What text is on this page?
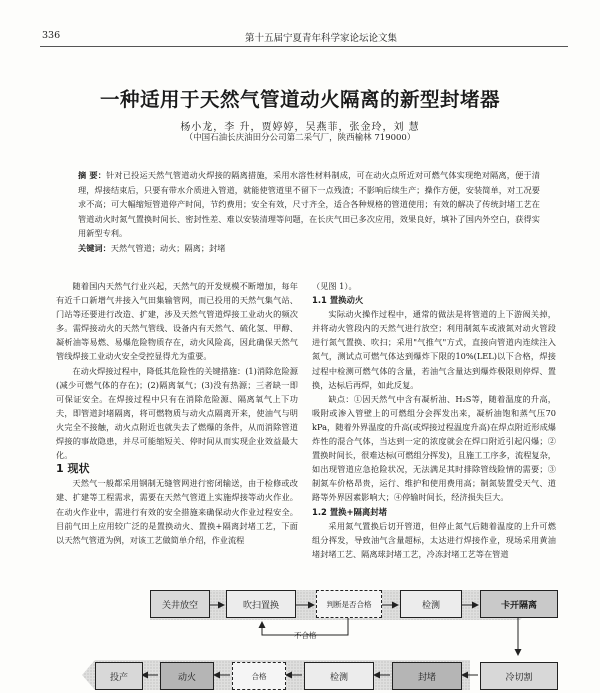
336	第十五届宁夏青年科学家论坛论文集
一种适用于天然气管道动火隔离的新型封堵器
杨小龙，李 升，贾婷婷，吴燕菲，张金玲，刘 慧
（中国石油长庆油田分公司第二采气厂，陕西榆林 719000）
摘 要：针对已投运天然气管道动火焊接的隔离措施，采用水溶性材料制成，可在动火点所近对可燃气体实现绝对隔离，便于清理，焊接结束后，只要有带水介质进入管道，就能使管道里不留下一点残渣；不影响后续生产；操作方便，安装简单，对工况要求不高；可大幅缩短管道停产时间，节约费用；安全有效，尺寸齐全，适合各种规格的管道使用；有效的解决了传统封堵工艺在管道动火时氮气置换时间长、密封性差、难以安装清理等问题，在长庆气田已多次应用，效果良好，填补了国内外空白，获得实用新型专利。
关键词：天然气管道；动火；隔离；封堵

随着国内天然气行业兴起，天然气的开发规模不断增加，每年有近千口新增气井接入气田集输管网，而已投用的天然气集气站、门站等还要进行改造、扩建，涉及天然气管道焊接工业动火的频次多。需焊接动火的天然气管线、设备内有天然气、硫化氢、甲醇、凝析油等易燃、易爆危险物质存在，动火风险高，因此确保天然气管线焊接工业动火安全受控显得尤为重要。

在动火焊接过程中，降低其危险性的关键措施：(1)消除危险源(减少可燃气体的存在)；(2)隔离氧气；(3)没有热源；三者缺一即可保证安全。在焊接过程中只有在消除危险源、隔离氧气上下功夫，即管道封堵隔离，将可燃物质与动火点隔离开来，使油气与明火完全不接触，动火点附近也就失去了燃爆的条件，从而消除管道焊接的事故隐患，并尽可能缩短关、停时间从而实现企业效益最大化。

1 现状

天然气一般都采用钢制无缝管网进行密闭输送，由于检修或改建、扩建等工程需求，需要在天然气管道上实施焊接等动火作业。在动火作业中，需进行有效的安全措施来确保动火作业过程安全。目前气田上应用较广泛的是置换动火、置换+隔离封堵工艺，下面以天然气管道为例，对该工艺做简单介绍，作业流程

（见图 1）。

1.1 置换动火

实际动火操作过程中，通常的做法是将管道的上下游阀关掉，并将动火管段内的天然气进行放空；利用制氮车或液氮对动火管段进行氮气置换、吹扫；采用"气推气"方式，直接向管道内连续注入氮气，测试点可燃气体达到爆炸下限的10%(LEL)以下合格，焊接过程中检测可燃气体的含量，若油气含量达到爆炸极限则停焊、置换，达标后再焊，如此反复。

缺点：①因天然气中含有凝析油、H₂S等，随着温度的升高，吸附或渗入管壁上的可燃组分会挥发出来，凝析油饱和蒸气压70 kPa，随着外界温度的升高(或焊接过程温度升高)在焊点附近形成爆炸性的混合气体，当达到一定的浓度就会在焊口附近引起闪爆；②置换时间长，很难达标(可燃组分挥发)，且施工工序多，流程复杂，如出现管道应急抢险状况，无法满足其时排除管线险情的需要；③制氮车价格昂贵，运行、维护和使用费用高；制氮装置受天气、道路等外界因素影响大；④停输时间长，经济损失巨大。

1.2 置换+隔离封堵

采用氮气置换后切开管道，但停止氮气后随着温度的上升可燃组分挥发，导致油气含量超标，太达进行焊接作业，现场采用黄油堵封堵工艺、隔离球封堵工艺，冷冻封堵工艺等在管道

关井放空	吹扫置换	判断是否合格	检测	卡开隔离
不合格
投产	动火	合格	检测	封堵	冷切割
